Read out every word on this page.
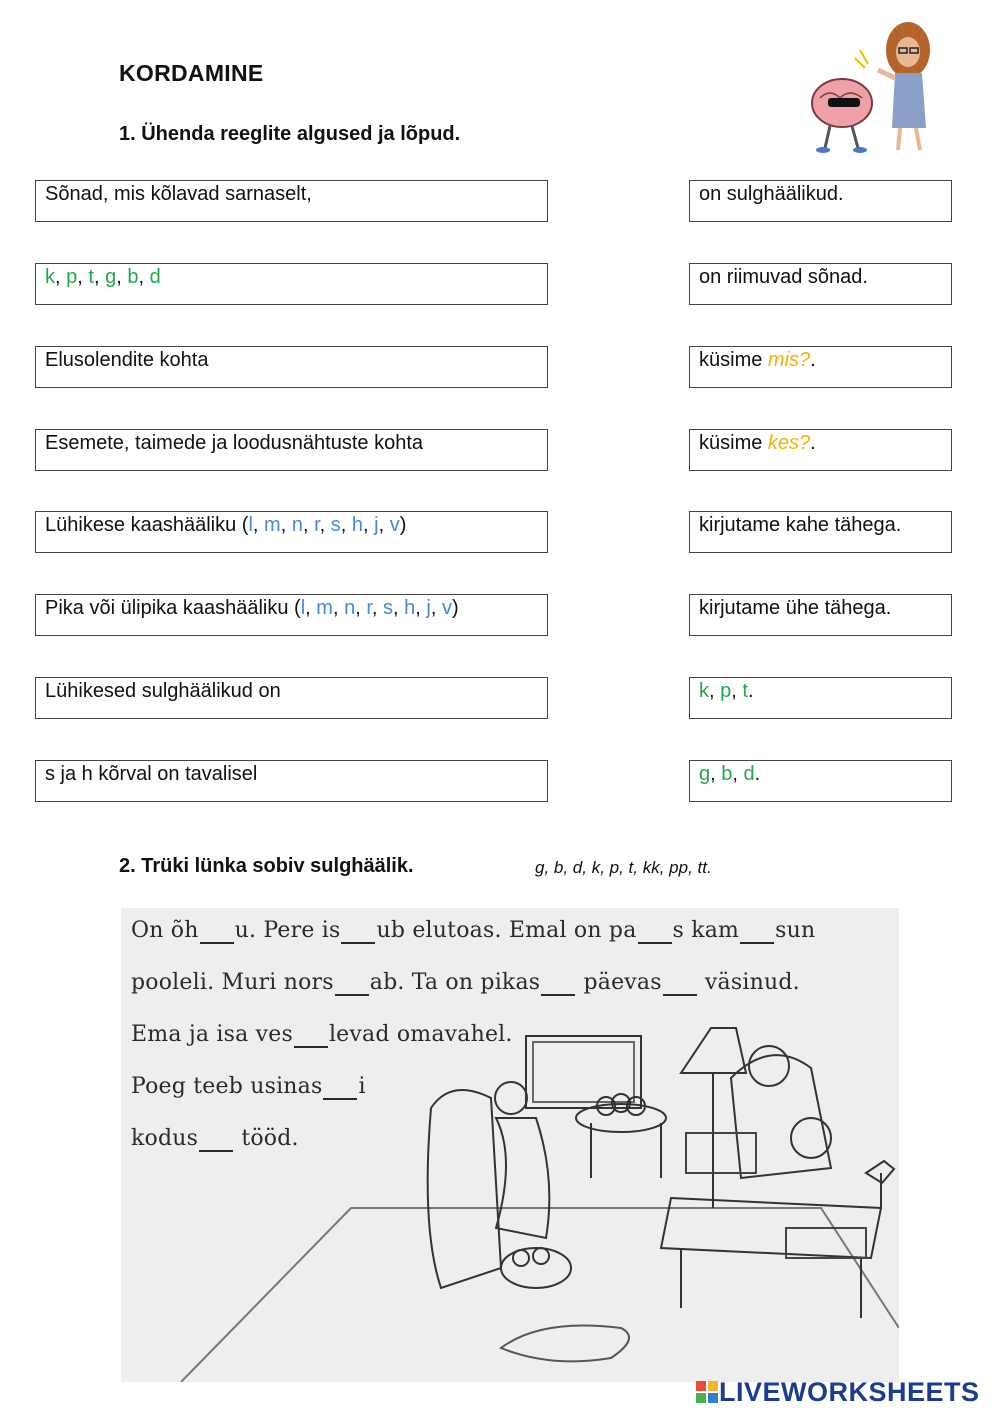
KORDAMINE
1. Ühenda reeglite algused ja lõpud.
Sõnad, mis kõlavad sarnaselt,
k, p, t, g, b, d
Elusolendite kohta
Esemete, taimede ja loodusnähtuste kohta
Lühikese kaashääliku (l, m, n, r, s, h, j, v)
Pika või ülipika kaashääliku (l, m, n, r, s, h, j, v)
Lühikesed sulghäälikud on
s ja h kõrval on tavalisel
on sulghäälikud.
on riimuvad sõnad.
küsime mis?.
küsime kes?.
kirjutame kahe tähega.
kirjutame ühe tähega.
k, p, t.
g, b, d.
2. Trüki lünka sobiv sulghäälik.	g, b, d, k, p, t, kk, pp, tt.
On õh u. Pere is ub elutoas. Emal on pa s kam sun
pooleli. Muri nors ab. Ta on pikas päevas väsinud.
Ema ja isa ves levad omavahel.
Poeg teeb usinas i
kodus tööd.
LIVEWORKSHEETS
